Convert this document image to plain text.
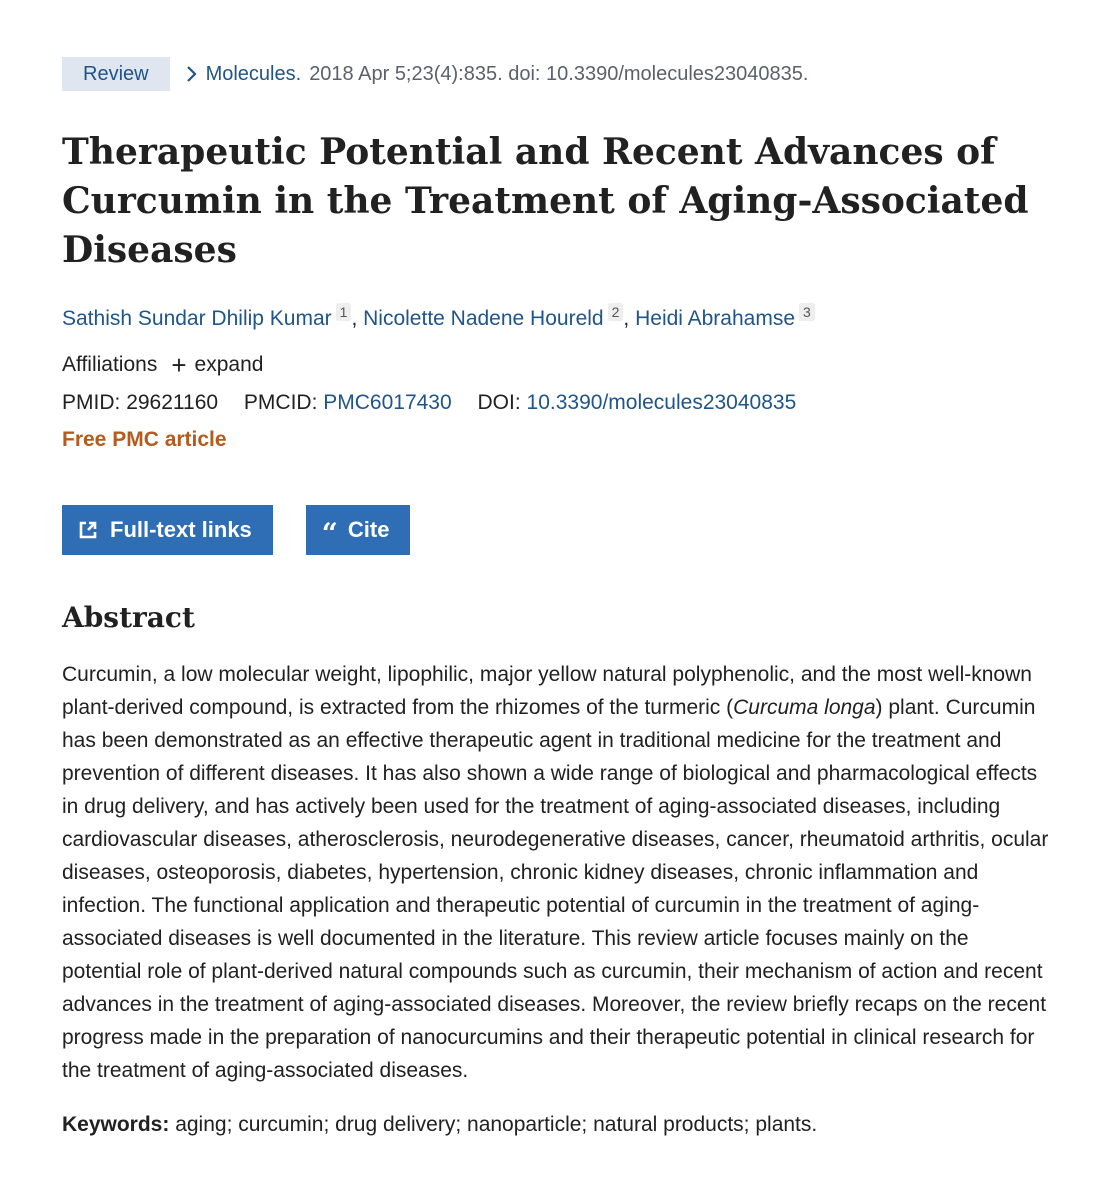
Review	Molecules. 2018 Apr 5;23(4):835. doi: 10.3390/molecules23040835.
Therapeutic Potential and Recent Advances of Curcumin in the Treatment of Aging-Associated Diseases
Sathish Sundar Dhilip Kumar 1 , Nicolette Nadene Houreld 2 , Heidi Abrahamse 3
Affiliations + expand
PMID: 29621160 PMCID: PMC6017430 DOI: 10.3390/molecules23040835
Free PMC article
Full-text links	“ Cite
Abstract

Curcumin, a low molecular weight, lipophilic, major yellow natural polyphenolic, and the most well-known plant-derived compound, is extracted from the rhizomes of the turmeric (Curcuma longa) plant. Curcumin has been demonstrated as an effective therapeutic agent in traditional medicine for the treatment and prevention of different diseases. It has also shown a wide range of biological and pharmacological effects in drug delivery, and has actively been used for the treatment of aging-associated diseases, including cardiovascular diseases, atherosclerosis, neurodegenerative diseases, cancer, rheumatoid arthritis, ocular diseases, osteoporosis, diabetes, hypertension, chronic kidney diseases, chronic inflammation and infection. The functional application and therapeutic potential of curcumin in the treatment of aging-associated diseases is well documented in the literature. This review article focuses mainly on the potential role of plant-derived natural compounds such as curcumin, their mechanism of action and recent advances in the treatment of aging-associated diseases. Moreover, the review briefly recaps on the recent progress made in the preparation of nanocurcumins and their therapeutic potential in clinical research for the treatment of aging-associated diseases.

Keywords: aging; curcumin; drug delivery; nanoparticle; natural products; plants.
